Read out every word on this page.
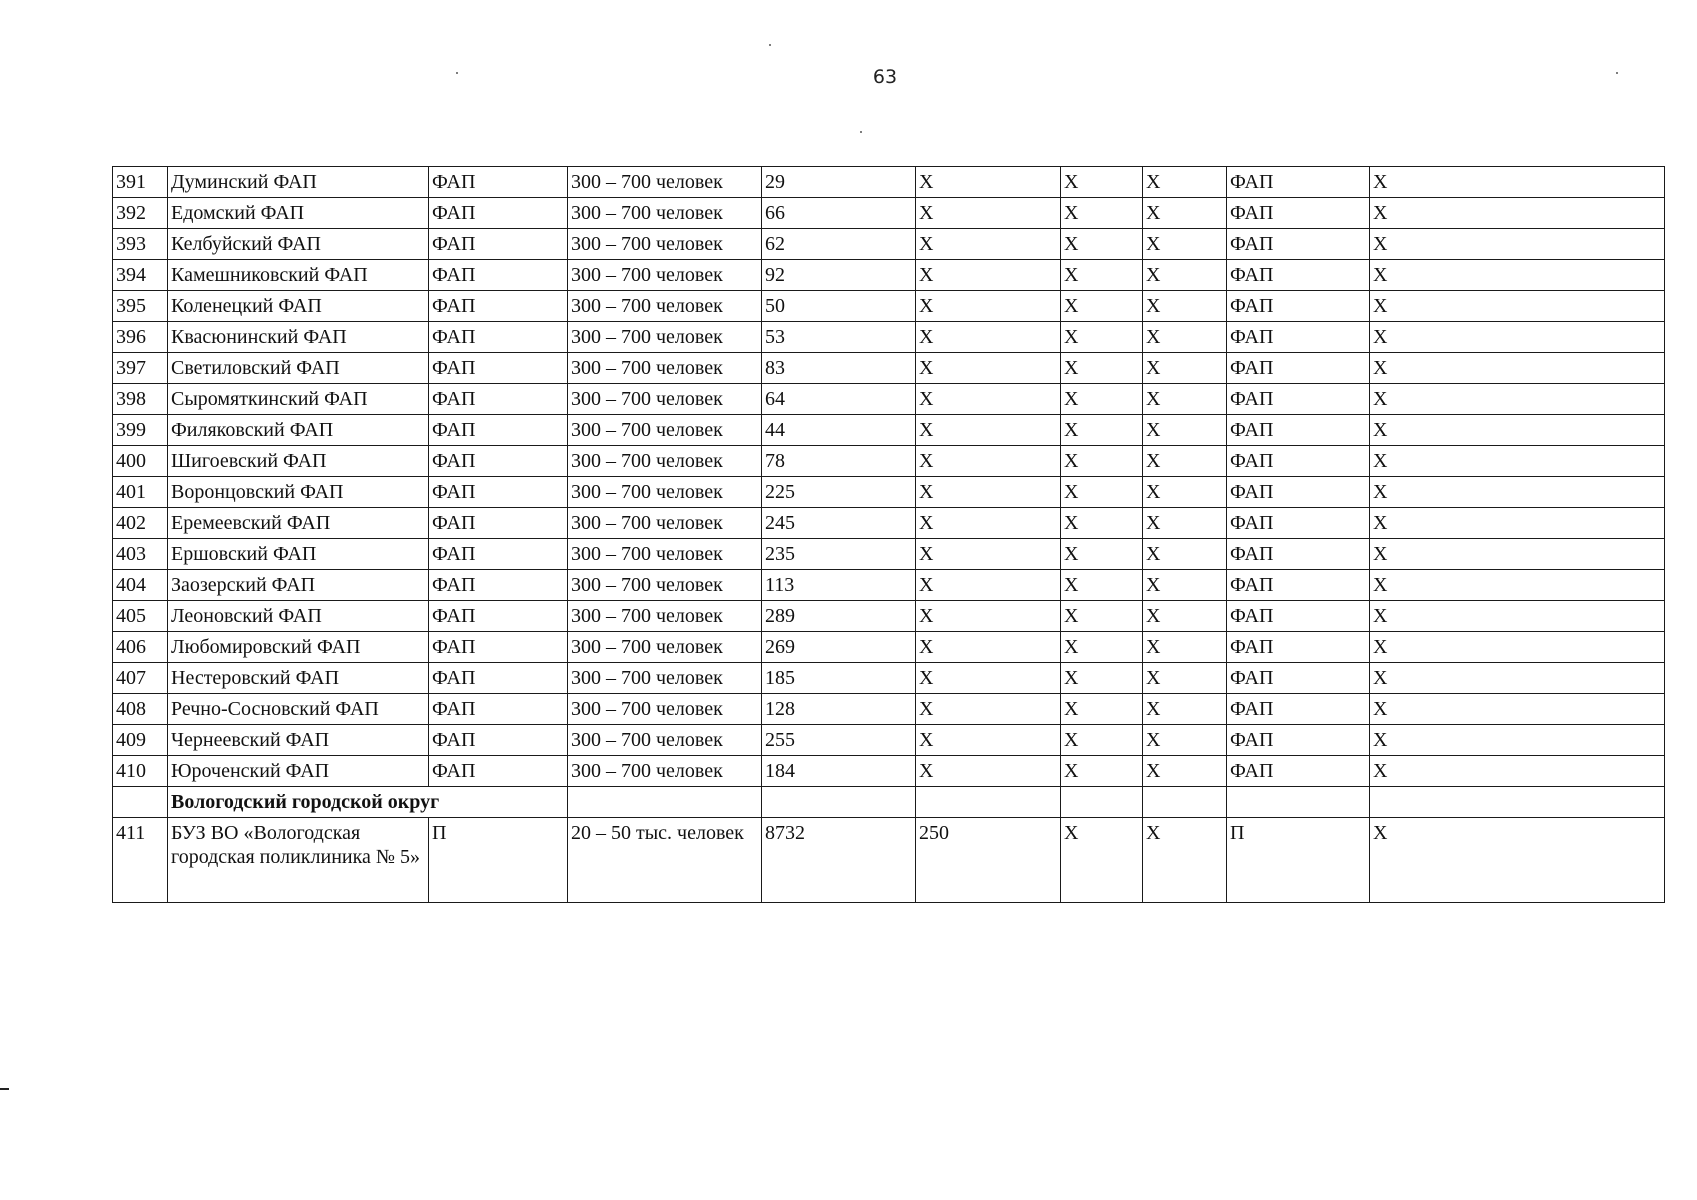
63
391	Думинский ФАП	ФАП	300 – 700 человек	29	X	X	X	ФАП	X
392	Едомский ФАП	ФАП	300 – 700 человек	66	X	X	X	ФАП	X
393	Келбуйский ФАП	ФАП	300 – 700 человек	62	X	X	X	ФАП	X
394	Камешниковский ФАП	ФАП	300 – 700 человек	92	X	X	X	ФАП	X
395	Коленецкий ФАП	ФАП	300 – 700 человек	50	X	X	X	ФАП	X
396	Квасюнинский ФАП	ФАП	300 – 700 человек	53	X	X	X	ФАП	X
397	Светиловский ФАП	ФАП	300 – 700 человек	83	X	X	X	ФАП	X
398	Сыромяткинский ФАП	ФАП	300 – 700 человек	64	X	X	X	ФАП	X
399	Филяковский ФАП	ФАП	300 – 700 человек	44	X	X	X	ФАП	X
400	Шигоевский ФАП	ФАП	300 – 700 человек	78	X	X	X	ФАП	X
401	Воронцовский ФАП	ФАП	300 – 700 человек	225	X	X	X	ФАП	X
402	Еремеевский ФАП	ФАП	300 – 700 человек	245	X	X	X	ФАП	X
403	Ершовский ФАП	ФАП	300 – 700 человек	235	X	X	X	ФАП	X
404	Заозерский ФАП	ФАП	300 – 700 человек	113	X	X	X	ФАП	X
405	Леоновский ФАП	ФАП	300 – 700 человек	289	X	X	X	ФАП	X
406	Любомировский ФАП	ФАП	300 – 700 человек	269	X	X	X	ФАП	X
407	Нестеровский ФАП	ФАП	300 – 700 человек	185	X	X	X	ФАП	X
408	Речно-Сосновский ФАП	ФАП	300 – 700 человек	128	X	X	X	ФАП	X
409	Чернеевский ФАП	ФАП	300 – 700 человек	255	X	X	X	ФАП	X
410	Юроченский ФАП	ФАП	300 – 700 человек	184	X	X	X	ФАП	X
	Вологодский городской округ								
411	БУЗ ВО «Вологодская городская поликлиника № 5»	П	20 – 50 тыс. человек	8732	250	X	X	П	X
